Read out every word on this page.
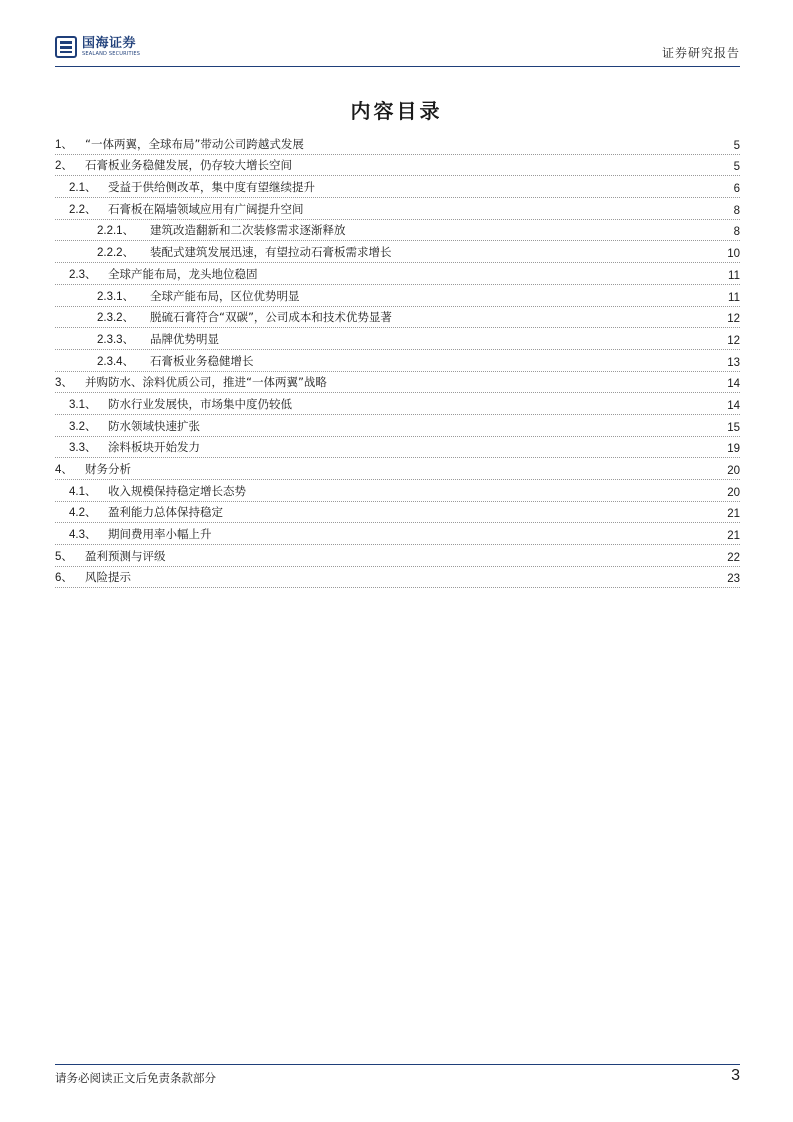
国海证券
SEALAND SECURITIES	证券研究报告
内容目录
1、	“一体两翼，全球布局”带动公司跨越式发展	5
2、	石膏板业务稳健发展，仍存较大增长空间	5
2.1、	受益于供给侧改革，集中度有望继续提升	6
2.2、	石膏板在隔墙领域应用有广阔提升空间	8
2.2.1、	建筑改造翻新和二次装修需求逐渐释放	8
2.2.2、	装配式建筑发展迅速，有望拉动石膏板需求增长	10
2.3、	全球产能布局，龙头地位稳固	11
2.3.1、	全球产能布局，区位优势明显	11
2.3.2、	脱硫石膏符合“双碳”，公司成本和技术优势显著	12
2.3.3、	品牌优势明显	12
2.3.4、	石膏板业务稳健增长	13
3、	并购防水、涂料优质公司，推进“一体两翼”战略	14
3.1、	防水行业发展快，市场集中度仍较低	14
3.2、	防水领域快速扩张	15
3.3、	涂料板块开始发力	19
4、	财务分析	20
4.1、	收入规模保持稳定增长态势	20
4.2、	盈利能力总体保持稳定	21
4.3、	期间费用率小幅上升	21
5、	盈利预测与评级	22
6、	风险提示	23
请务必阅读正文后免责条款部分	3
